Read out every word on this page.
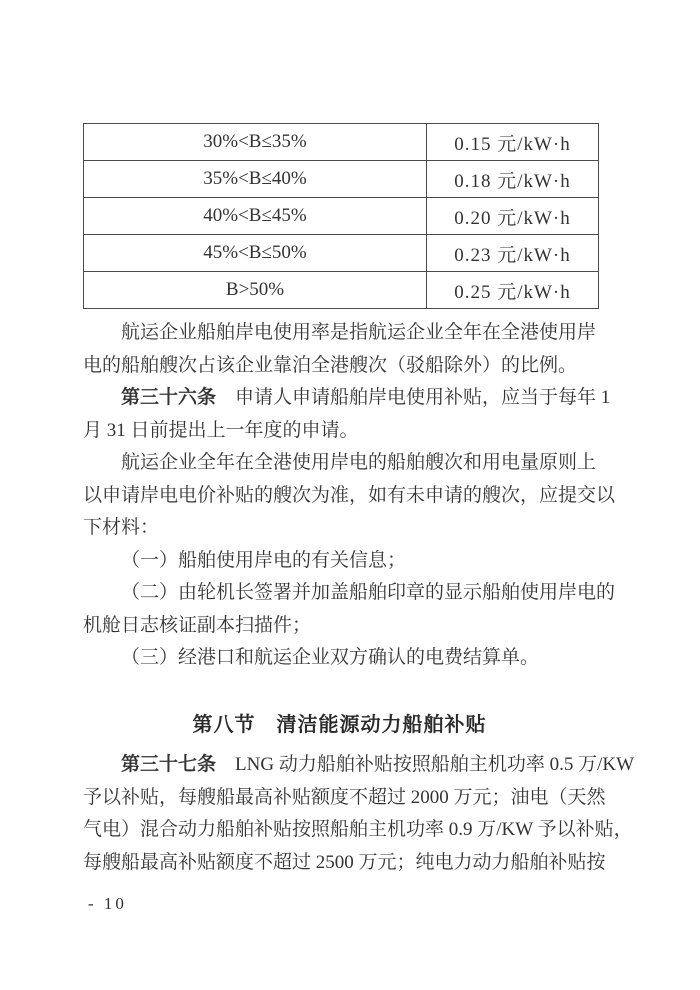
30%<B≤35%	0.15 元/kW·h
35%<B≤40%	0.18 元/kW·h
40%<B≤45%	0.20 元/kW·h
45%<B≤50%	0.23 元/kW·h
B>50%	0.25 元/kW·h
航运企业船舶岸电使用率是指航运企业全年在全港使用岸
电的船舶艘次占该企业靠泊全港艘次（驳船除外）的比例。
第三十六条　申请人申请船舶岸电使用补贴，应当于每年 1
月 31 日前提出上一年度的申请。
航运企业全年在全港使用岸电的船舶艘次和用电量原则上
以申请岸电电价补贴的艘次为准，如有未申请的艘次，应提交以
下材料：
（一）船舶使用岸电的有关信息；
（二）由轮机长签署并加盖船舶印章的显示船舶使用岸电的
机舱日志核证副本扫描件；
（三）经港口和航运企业双方确认的电费结算单。
第八节　清洁能源动力船舶补贴
第三十七条　LNG 动力船舶补贴按照船舶主机功率 0.5 万/KW
予以补贴，每艘船最高补贴额度不超过 2000 万元；油电（天然
气电）混合动力船舶补贴按照船舶主机功率 0.9 万/KW 予以补贴，
每艘船最高补贴额度不超过 2500 万元；纯电力动力船舶补贴按
- 10
